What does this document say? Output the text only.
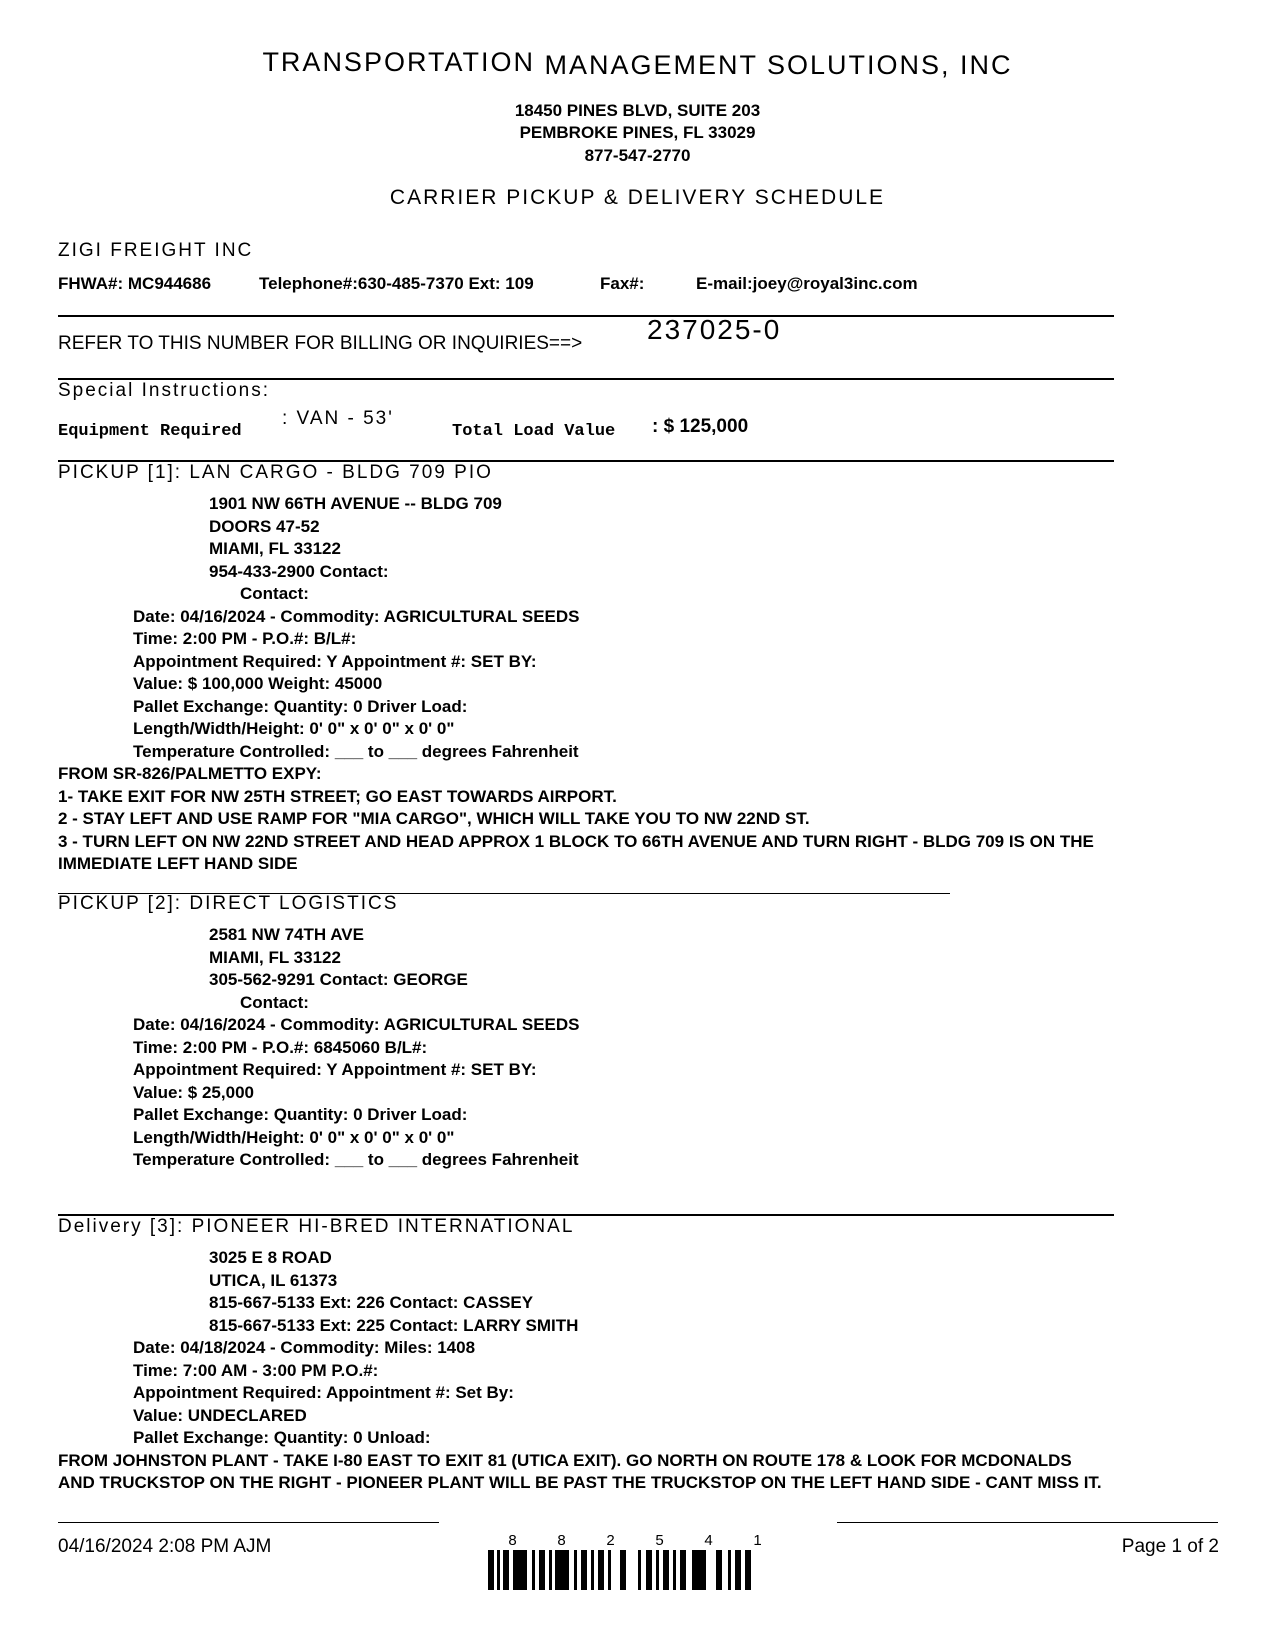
TRANSPORTATION MANAGEMENT SOLUTIONS, INC
18450 PINES BLVD, SUITE 203
PEMBROKE PINES, FL 33029
877-547-2770
CARRIER PICKUP & DELIVERY SCHEDULE
ZIGI FREIGHT INC
FHWA#: MC944686	Telephone#:630-485-7370 Ext: 109	Fax#:	E-mail:joey@royal3inc.com
REFER TO THIS NUMBER FOR BILLING OR INQUIRIES==> 237025-0
Special Instructions:
Equipment Required
: VAN - 53'
Total Load Value : $ 125,000
PICKUP [1]: LAN CARGO - BLDG 709 PIO
1901 NW 66TH AVENUE -- BLDG 709
DOORS 47-52
MIAMI, FL 33122
954-433-2900 Contact:
Contact:
Date: 04/16/2024 - Commodity: AGRICULTURAL SEEDS
Time: 2:00 PM - P.O.#: B/L#:
Appointment Required: Y Appointment #: SET BY:
Value: $ 100,000 Weight: 45000
Pallet Exchange: Quantity: 0 Driver Load:
Length/Width/Height: 0' 0" x 0' 0" x 0' 0"
Temperature Controlled: ___ to ___ degrees Fahrenheit
FROM SR-826/PALMETTO EXPY:
1- TAKE EXIT FOR NW 25TH STREET; GO EAST TOWARDS AIRPORT.
2 - STAY LEFT AND USE RAMP FOR "MIA CARGO", WHICH WILL TAKE YOU TO NW 22ND ST.
3 - TURN LEFT ON NW 22ND STREET AND HEAD APPROX 1 BLOCK TO 66TH AVENUE AND TURN RIGHT - BLDG 709 IS ON THE
IMMEDIATE LEFT HAND SIDE
PICKUP [2]: DIRECT LOGISTICS
2581 NW 74TH AVE
MIAMI, FL 33122
305-562-9291 Contact: GEORGE
Contact:
Date: 04/16/2024 - Commodity: AGRICULTURAL SEEDS
Time: 2:00 PM - P.O.#: 6845060 B/L#:
Appointment Required: Y Appointment #: SET BY:
Value: $ 25,000
Pallet Exchange: Quantity: 0 Driver Load:
Length/Width/Height: 0' 0" x 0' 0" x 0' 0"
Temperature Controlled: ___ to ___ degrees Fahrenheit
Delivery [3]: PIONEER HI-BRED INTERNATIONAL
3025 E 8 ROAD
UTICA, IL 61373
815-667-5133 Ext: 226 Contact: CASSEY
815-667-5133 Ext: 225 Contact: LARRY SMITH
Date: 04/18/2024 - Commodity: Miles: 1408
Time: 7:00 AM - 3:00 PM P.O.#:
Appointment Required: Appointment #: Set By:
Value: UNDECLARED
Pallet Exchange: Quantity: 0 Unload:
FROM JOHNSTON PLANT - TAKE I-80 EAST TO EXIT 81 (UTICA EXIT). GO NORTH ON ROUTE 178 & LOOK FOR MCDONALDS
AND TRUCKSTOP ON THE RIGHT - PIONEER PLANT WILL BE PAST THE TRUCKSTOP ON THE LEFT HAND SIDE - CANT MISS IT.
04/16/2024 2:08 PM AJM	Page 1 of 2
8	8	2	5	4	1
